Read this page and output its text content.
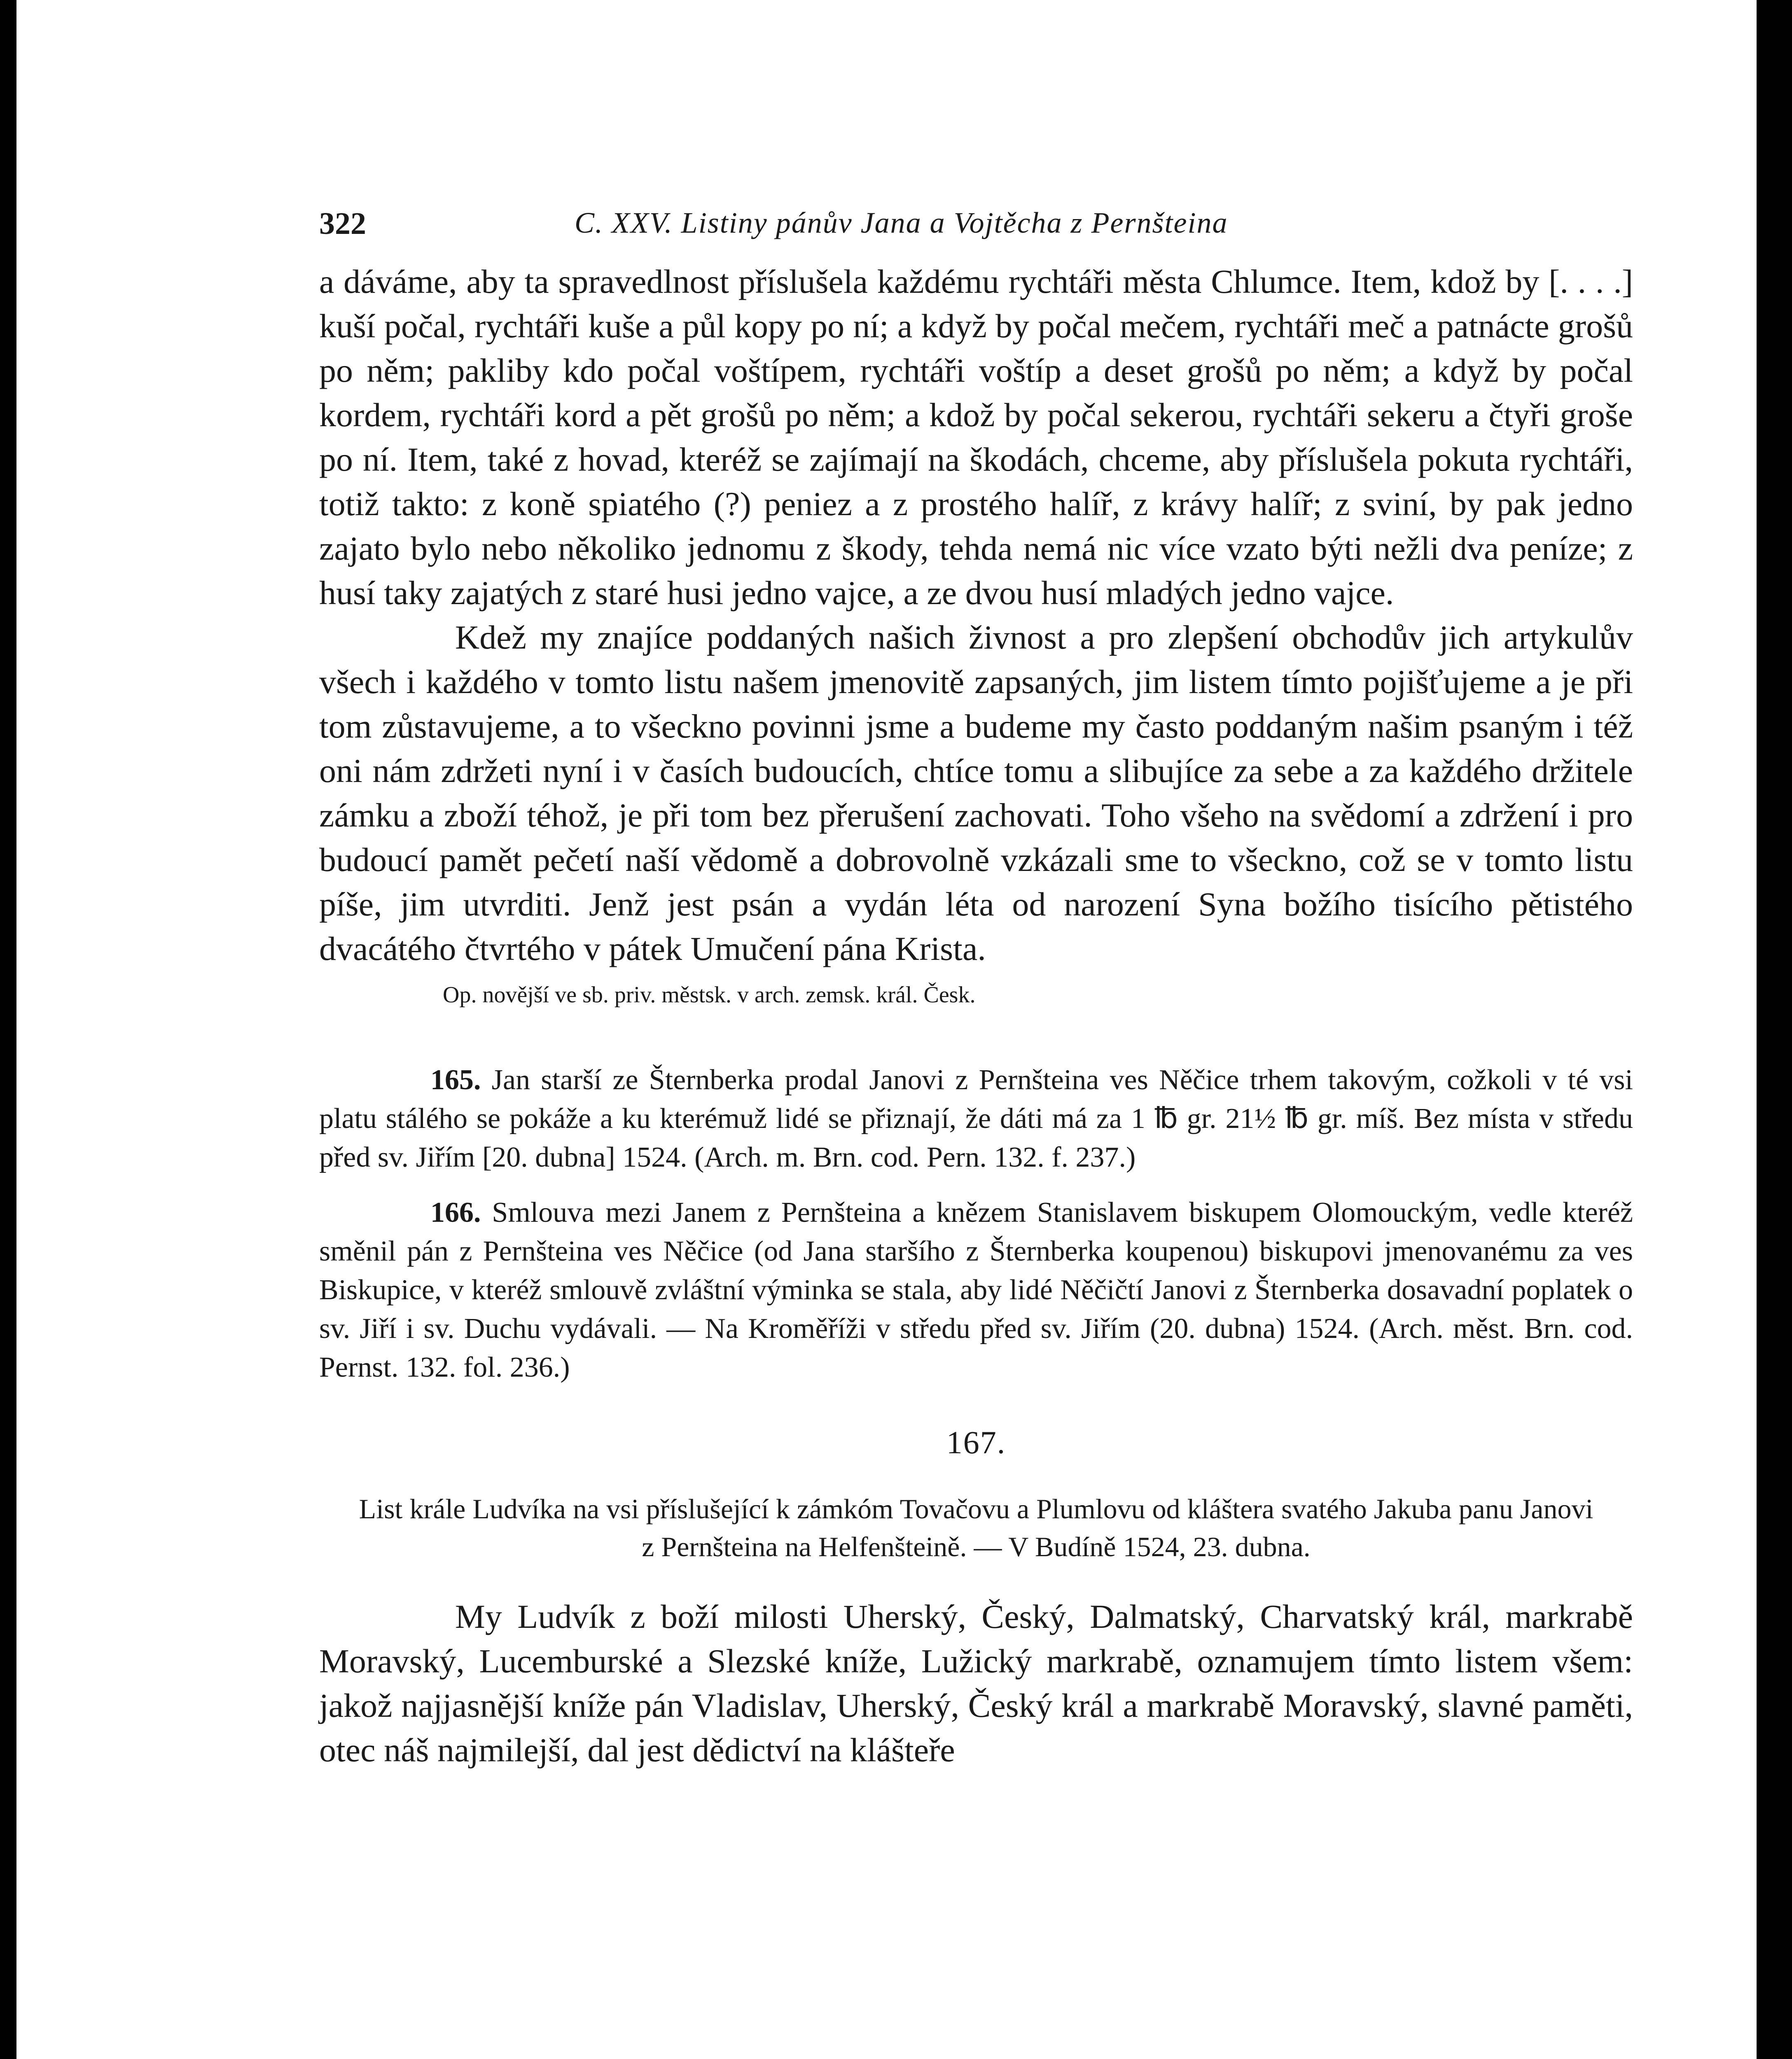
322	C. XXV. Listiny pánův Jana a Vojtěcha z Pernšteina

a dáváme, aby ta spravedlnost příslušela každému rychtáři města Chlumce. Item, kdož by [. . . .] kuší počal, rychtáři kuše a půl kopy po ní; a když by počal mečem, rychtáři meč a patnácte grošů po něm; pakliby kdo počal voštípem, rychtáři voštíp a deset grošů po něm; a když by počal kordem, rychtáři kord a pět grošů po něm; a kdož by počal sekerou, rychtáři sekeru a čtyři groše po ní. Item, také z hovad, kteréž se zajímají na škodách, chceme, aby příslušela pokuta rychtáři, totiž takto: z koně spiatého (?) peniez a z prostého halíř, z krávy halíř; z sviní, by pak jedno zajato bylo nebo několiko jednomu z škody, tehda nemá nic více vzato býti nežli dva peníze; z husí taky zajatých z staré husi jedno vajce, a ze dvou husí mladých jedno vajce.

Kdež my znajíce poddaných našich živnost a pro zlepšení obchodův jich artykulův všech i každého v tomto listu našem jmenovitě zapsaných, jim listem tímto pojišťujeme a je při tom zůstavujeme, a to všeckno povinni jsme a budeme my často poddaným našim psaným i též oni nám zdržeti nyní i v časích budoucích, chtíce tomu a slibujíce za sebe a za každého držitele zámku a zboží téhož, je při tom bez přerušení zachovati. Toho všeho na svědomí a zdržení i pro budoucí pamět pečetí naší vědomě a dobrovolně vzkázali sme to všeckno, což se v tomto listu píše, jim utvrditi. Jenž jest psán a vydán léta od narození Syna božího tisícího pětistého dvacátého čtvrtého v pátek Umučení pána Krista.

Op. novější ve sb. priv. městsk. v arch. zemsk. král. Česk.

165. Jan starší ze Šternberka prodal Janovi z Pernšteina ves Něčice trhem takovým, cožkoli v té vsi platu stálého se pokáže a ku kterémuž lidé se přiznají, že dáti má za 1 ℔ gr. 21½ ℔ gr. míš. Bez místa v středu před sv. Jiřím [20. dubna] 1524. (Arch. m. Brn. cod. Pern. 132. f. 237.)

166. Smlouva mezi Janem z Pernšteina a knězem Stanislavem biskupem Olomouckým, vedle kteréž směnil pán z Pernšteina ves Něčice (od Jana staršího z Šternberka koupenou) biskupovi jmenovanému za ves Biskupice, v kteréž smlouvě zvláštní výminka se stala, aby lidé Něčičtí Janovi z Šternberka dosavadní poplatek o sv. Jiří i sv. Duchu vydávali. — Na Kroměříži v středu před sv. Jiřím (20. dubna) 1524. (Arch. měst. Brn. cod. Pernst. 132. fol. 236.)

167.

List krále Ludvíka na vsi příslušející k zámkóm Tovačovu a Plumlovu od kláštera svatého Jakuba panu Janovi z Pernšteina na Helfenšteině. — V Budíně 1524, 23. dubna.

My Ludvík z boží milosti Uherský, Český, Dalmatský, Charvatský král, markrabě Moravský, Lucemburské a Slezské kníže, Lužický markrabě, oznamujem tímto listem všem: jakož najjasnější kníže pán Vladislav, Uherský, Český král a markrabě Moravský, slavné paměti, otec náš najmilejší, dal jest dědictví na klášteře
